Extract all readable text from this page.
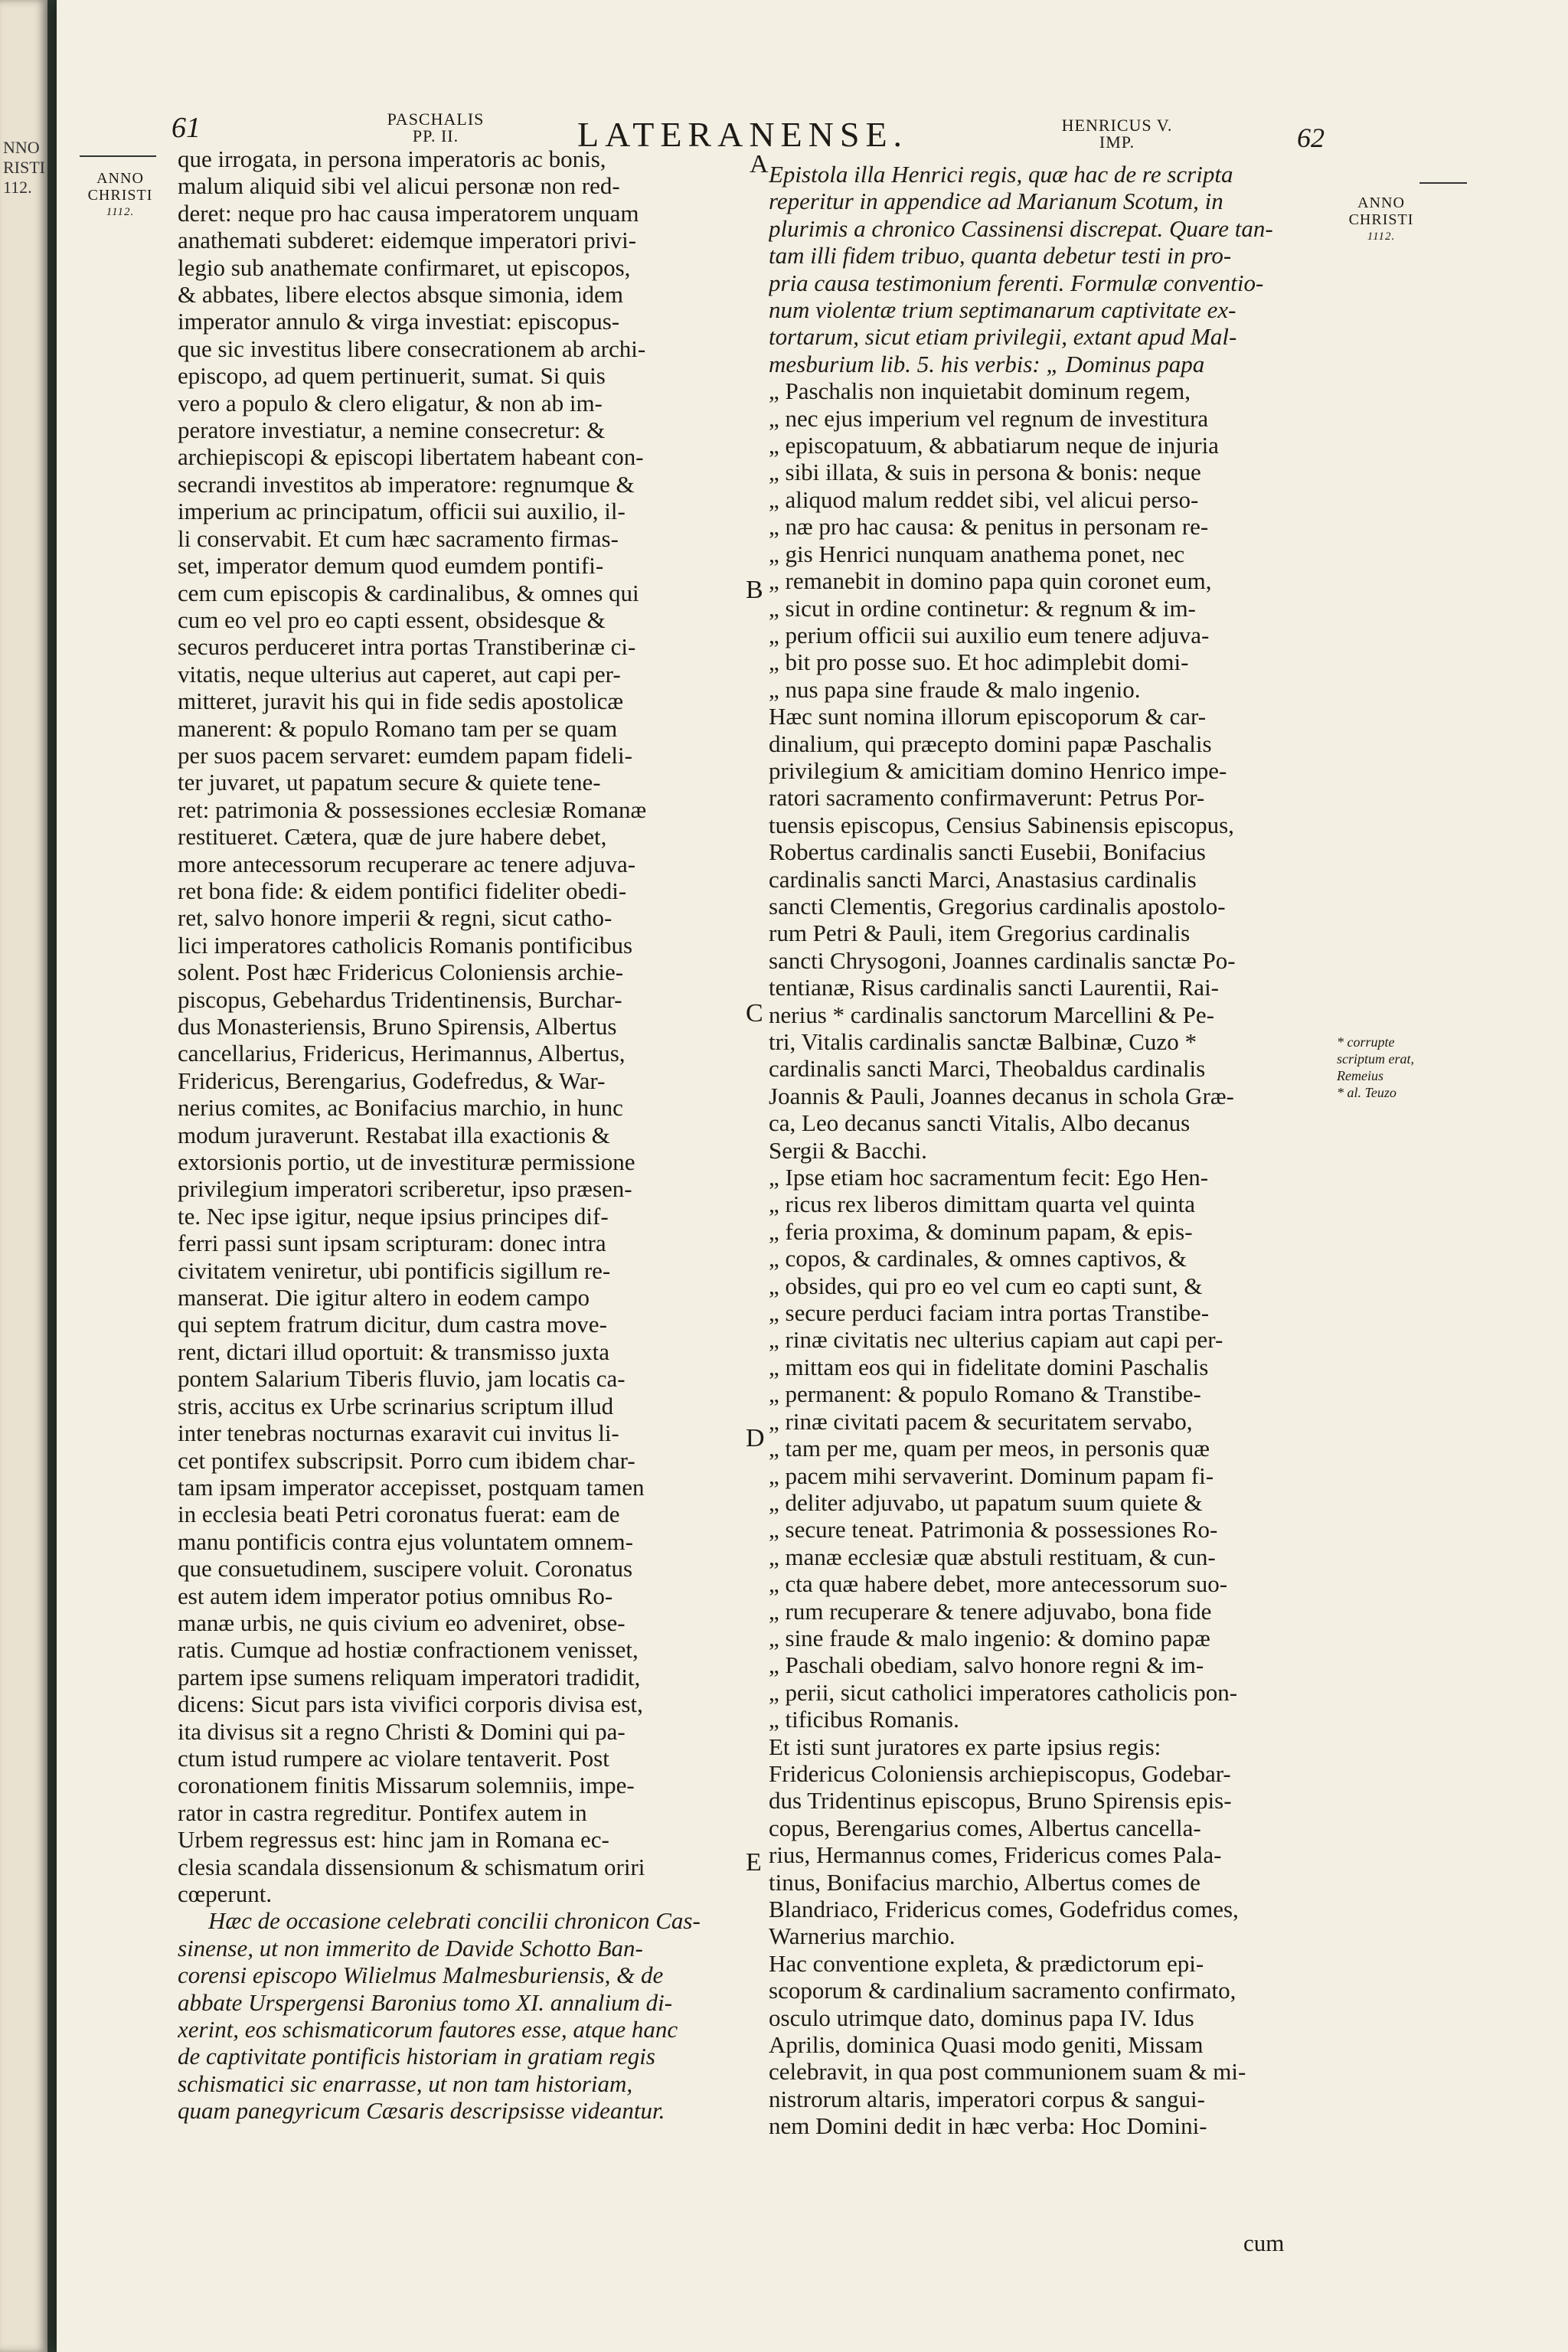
NNO
RISTI
112.
61	PASCHALIS
PP. II.	LATERANENSE.	HENRICUS V.
IMP.	62
ANNO
CHRISTI
1112.
ANNO
CHRISTI
1112.
A
B
C
D
E
* corrupte
scriptum erat,
Remeius
* al. Teuzo
que irrogata, in persona imperatoris ac bonis,
malum aliquid sibi vel alicui personæ non red-
deret: neque pro hac causa imperatorem unquam
anathemati subderet: eidemque imperatori privi-
legio sub anathemate confirmaret, ut episcopos,
& abbates, libere electos absque simonia, idem
imperator annulo & virga investiat: episcopus-
que sic investitus libere consecrationem ab archi-
episcopo, ad quem pertinuerit, sumat. Si quis
vero a populo & clero eligatur, & non ab im-
peratore investiatur, a nemine consecretur: &
archiepiscopi & episcopi libertatem habeant con-
secrandi investitos ab imperatore: regnumque &
imperium ac principatum, officii sui auxilio, il-
li conservabit. Et cum hæc sacramento firmas-
set, imperator demum quod eumdem pontifi-
cem cum episcopis & cardinalibus, & omnes qui
cum eo vel pro eo capti essent, obsidesque &
securos perduceret intra portas Transtiberinæ ci-
vitatis, neque ulterius aut caperet, aut capi per-
mitteret, juravit his qui in fide sedis apostolicæ
manerent: & populo Romano tam per se quam
per suos pacem servaret: eumdem papam fideli-
ter juvaret, ut papatum secure & quiete tene-
ret: patrimonia & possessiones ecclesiæ Romanæ
restitueret. Cætera, quæ de jure habere debet,
more antecessorum recuperare ac tenere adjuva-
ret bona fide: & eidem pontifici fideliter obedi-
ret, salvo honore imperii & regni, sicut catho-
lici imperatores catholicis Romanis pontificibus
solent. Post hæc Fridericus Coloniensis archie-
piscopus, Gebehardus Tridentinensis, Burchar-
dus Monasteriensis, Bruno Spirensis, Albertus
cancellarius, Fridericus, Herimannus, Albertus,
Fridericus, Berengarius, Godefredus, & War-
nerius comites, ac Bonifacius marchio, in hunc
modum juraverunt. Restabat illa exactionis &
extorsionis portio, ut de investituræ permissione
privilegium imperatori scriberetur, ipso præsen-
te. Nec ipse igitur, neque ipsius principes dif-
ferri passi sunt ipsam scripturam: donec intra
civitatem veniretur, ubi pontificis sigillum re-
manserat. Die igitur altero in eodem campo
qui septem fratrum dicitur, dum castra move-
rent, dictari illud oportuit: & transmisso juxta
pontem Salarium Tiberis fluvio, jam locatis ca-
stris, accitus ex Urbe scrinarius scriptum illud
inter tenebras nocturnas exaravit cui invitus li-
cet pontifex subscripsit. Porro cum ibidem char-
tam ipsam imperator accepisset, postquam tamen
in ecclesia beati Petri coronatus fuerat: eam de
manu pontificis contra ejus voluntatem omnem-
que consuetudinem, suscipere voluit. Coronatus
est autem idem imperator potius omnibus Ro-
manæ urbis, ne quis civium eo adveniret, obse-
ratis. Cumque ad hostiæ confractionem venisset,
partem ipse sumens reliquam imperatori tradidit,
dicens: Sicut pars ista vivifici corporis divisa est,
ita divisus sit a regno Christi & Domini qui pa-
ctum istud rumpere ac violare tentaverit. Post
coronationem finitis Missarum solemniis, impe-
rator in castra regreditur. Pontifex autem in
Urbem regressus est: hinc jam in Romana ec-
clesia scandala dissensionum & schismatum oriri
cœperunt.
Hæc de occasione celebrati concilii chronicon Cas-
sinense, ut non immerito de Davide Schotto Ban-
corensi episcopo Wilielmus Malmesburiensis, & de
abbate Urspergensi Baronius tomo XI. annalium di-
xerint, eos schismaticorum fautores esse, atque hanc
de captivitate pontificis historiam in gratiam regis
schismatici sic enarrasse, ut non tam historiam,
quam panegyricum Cæsaris descripsisse videantur.
Epistola illa Henrici regis, quæ hac de re scripta
reperitur in appendice ad Marianum Scotum, in
plurimis a chronico Cassinensi discrepat. Quare tan-
tam illi fidem tribuo, quanta debetur testi in pro-
pria causa testimonium ferenti. Formulæ conventio-
num violentæ trium septimanarum captivitate ex-
tortarum, sicut etiam privilegii, extant apud Mal-
mesburium lib. 5. his verbis: „ Dominus papa
„ Paschalis non inquietabit dominum regem,
„ nec ejus imperium vel regnum de investitura
„ episcopatuum, & abbatiarum neque de injuria
„ sibi illata, & suis in persona & bonis: neque
„ aliquod malum reddet sibi, vel alicui perso-
„ næ pro hac causa: & penitus in personam re-
„ gis Henrici nunquam anathema ponet, nec
„ remanebit in domino papa quin coronet eum,
„ sicut in ordine continetur: & regnum & im-
„ perium officii sui auxilio eum tenere adjuva-
„ bit pro posse suo. Et hoc adimplebit domi-
„ nus papa sine fraude & malo ingenio.
Hæc sunt nomina illorum episcoporum & car-
dinalium, qui præcepto domini papæ Paschalis
privilegium & amicitiam domino Henrico impe-
ratori sacramento confirmaverunt: Petrus Por-
tuensis episcopus, Censius Sabinensis episcopus,
Robertus cardinalis sancti Eusebii, Bonifacius
cardinalis sancti Marci, Anastasius cardinalis
sancti Clementis, Gregorius cardinalis apostolo-
rum Petri & Pauli, item Gregorius cardinalis
sancti Chrysogoni, Joannes cardinalis sanctæ Po-
tentianæ, Risus cardinalis sancti Laurentii, Rai-
nerius * cardinalis sanctorum Marcellini & Pe-
tri, Vitalis cardinalis sanctæ Balbinæ, Cuzo *
cardinalis sancti Marci, Theobaldus cardinalis
Joannis & Pauli, Joannes decanus in schola Græ-
ca, Leo decanus sancti Vitalis, Albo decanus
Sergii & Bacchi.
„ Ipse etiam hoc sacramentum fecit: Ego Hen-
„ ricus rex liberos dimittam quarta vel quinta
„ feria proxima, & dominum papam, & epis-
„ copos, & cardinales, & omnes captivos, &
„ obsides, qui pro eo vel cum eo capti sunt, &
„ secure perduci faciam intra portas Transtibe-
„ rinæ civitatis nec ulterius capiam aut capi per-
„ mittam eos qui in fidelitate domini Paschalis
„ permanent: & populo Romano & Transtibe-
„ rinæ civitati pacem & securitatem servabo,
„ tam per me, quam per meos, in personis quæ
„ pacem mihi servaverint. Dominum papam fi-
„ deliter adjuvabo, ut papatum suum quiete &
„ secure teneat. Patrimonia & possessiones Ro-
„ manæ ecclesiæ quæ abstuli restituam, & cun-
„ cta quæ habere debet, more antecessorum suo-
„ rum recuperare & tenere adjuvabo, bona fide
„ sine fraude & malo ingenio: & domino papæ
„ Paschali obediam, salvo honore regni & im-
„ perii, sicut catholici imperatores catholicis pon-
„ tificibus Romanis.
Et isti sunt juratores ex parte ipsius regis:
Fridericus Coloniensis archiepiscopus, Godebar-
dus Tridentinus episcopus, Bruno Spirensis epis-
copus, Berengarius comes, Albertus cancella-
rius, Hermannus comes, Fridericus comes Pala-
tinus, Bonifacius marchio, Albertus comes de
Blandriaco, Fridericus comes, Godefridus comes,
Warnerius marchio.
Hac conventione expleta, & prædictorum epi-
scoporum & cardinalium sacramento confirmato,
osculo utrimque dato, dominus papa IV. Idus
Aprilis, dominica Quasi modo geniti, Missam
celebravit, in qua post communionem suam & mi-
nistrorum altaris, imperatori corpus & sangui-
nem Domini dedit in hæc verba: Hoc Domini-
cum
